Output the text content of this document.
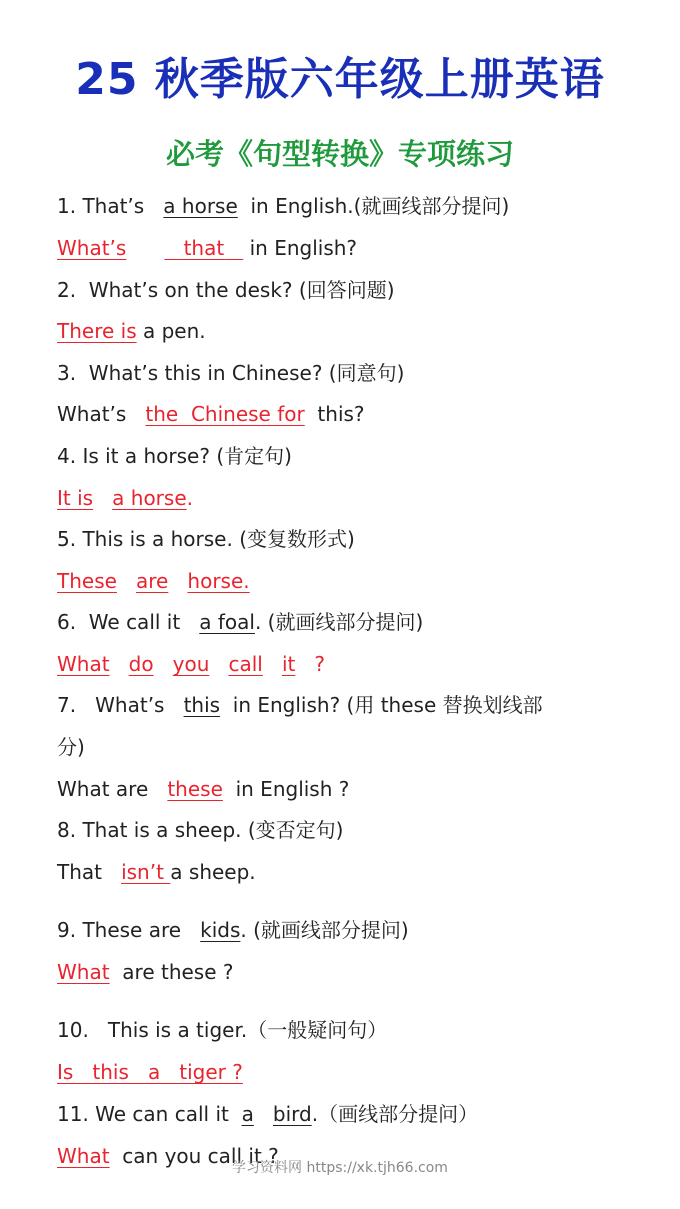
25 秋季版六年级上册英语
必考《句型转换》专项练习
1. That’s   a horse  in English.(就画线部分提问)
What’s	that    in English?
2.  What’s on the desk? (回答问题)
There is a pen.
3.  What’s this in Chinese? (同意句)
What’s   the  Chinese for  this?
4. Is it a horse? (肯定句)
It is a horse.
5. This is a horse. (变复数形式)
These are horse.
6.  We call it   a foal. (就画线部分提问)
What do you call it ?
7.   What’s   this  in English? (用 these 替换划线部
分)
What are   these  in English ?
8. That is a sheep. (变否定句)
That   isn’t a sheep.
9. These are   kids. (就画线部分提问)
What  are these ?
10.   This is a tiger.（一般疑问句）
Is   this   a   tiger ?
11. We can call it  a bird.（画线部分提问）
What  can you call it ?
学习资料网 https://xk.tjh66.com
